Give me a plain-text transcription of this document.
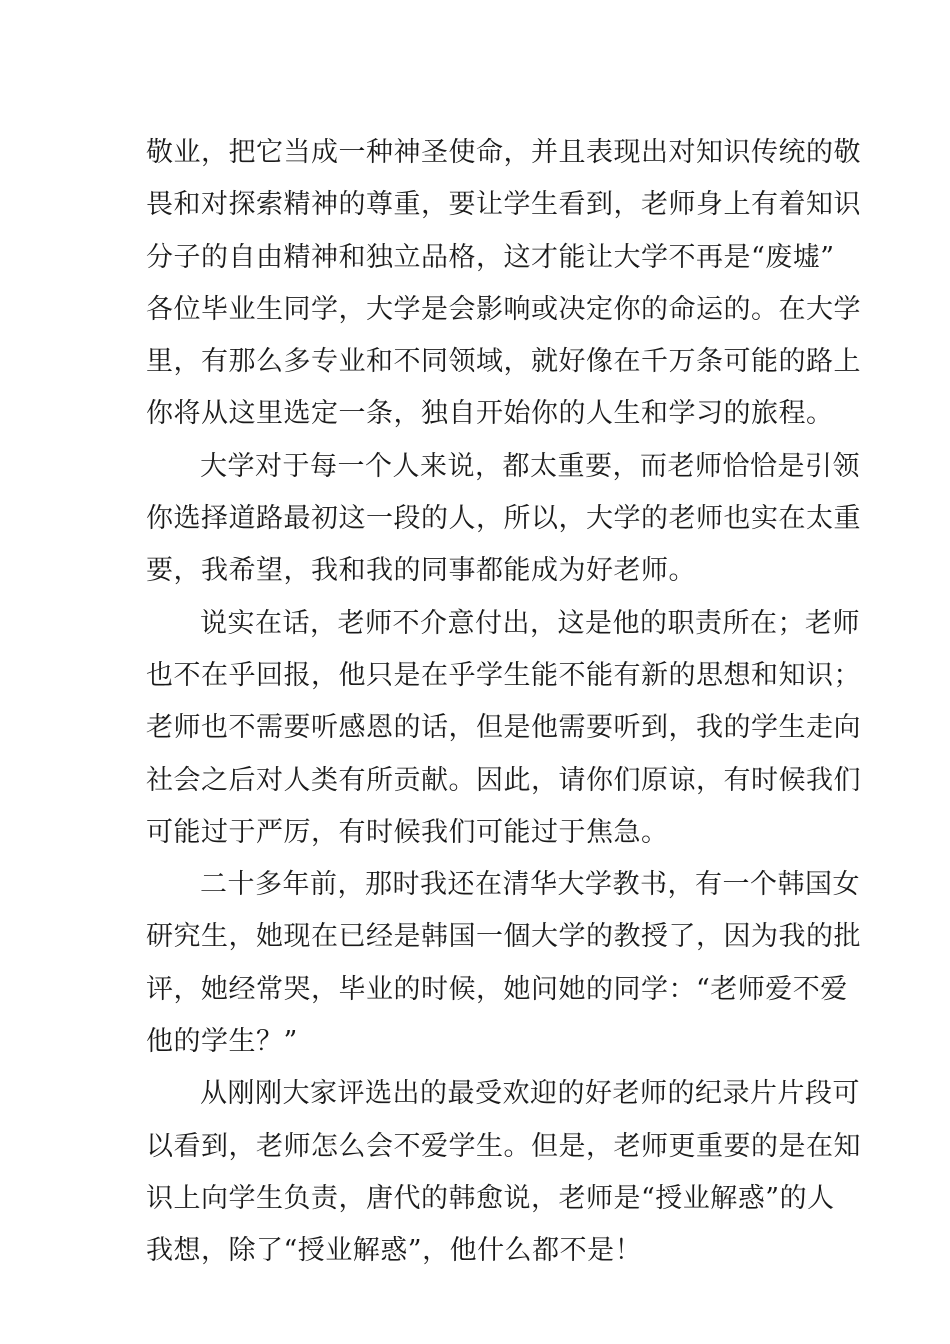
敬业，把它当成一种神圣使命，并且表现出对知识传统的敬
畏和对探索精神的尊重，要让学生看到，老师身上有着知识
分子的自由精神和独立品格，这才能让大学不再是“废墟”
各位毕业生同学，大学是会影响或决定你的命运的。在大学
里，有那么多专业和不同领域，就好像在千万条可能的路上
你将从这里选定一条，独自开始你的人生和学习的旅程。
大学对于每一个人来说，都太重要，而老师恰恰是引领
你选择道路最初这一段的人，所以，大学的老师也实在太重
要，我希望，我和我的同事都能成为好老师。
说实在话，老师不介意付出，这是他的职责所在；老师
也不在乎回报，他只是在乎学生能不能有新的思想和知识；
老师也不需要听感恩的话，但是他需要听到，我的学生走向
社会之后对人类有所贡献。因此，请你们原谅，有时候我们
可能过于严厉，有时候我们可能过于焦急。
二十多年前，那时我还在清华大学教书，有一个韩国女
研究生，她现在已经是韩国一個大学的教授了，因为我的批
评，她经常哭，毕业的时候，她问她的同学：“老师爱不爱
他的学生？”
从刚刚大家评选出的最受欢迎的好老师的纪录片片段可
以看到，老师怎么会不爱学生。但是，老师更重要的是在知
识上向学生负责，唐代的韩愈说，老师是“授业解惑”的人
我想，除了“授业解惑”，他什么都不是！
